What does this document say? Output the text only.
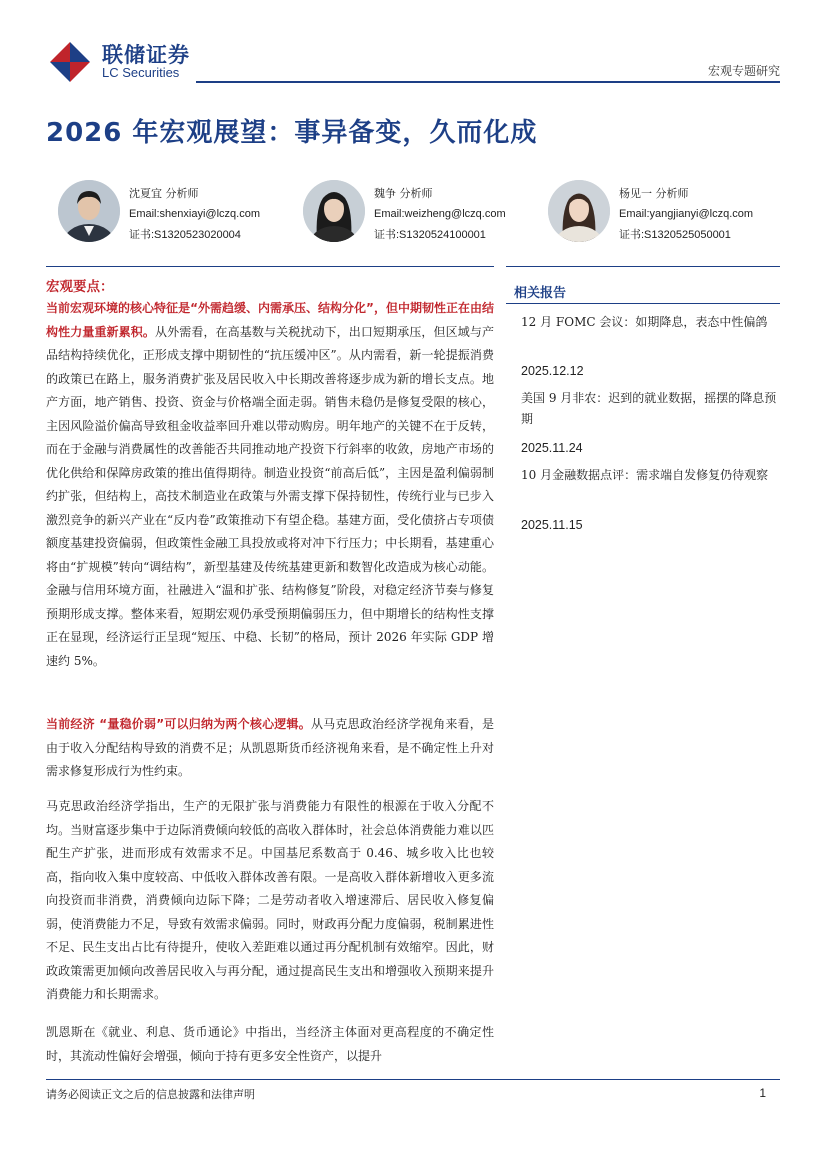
联储证券
LC Securities	宏观专题研究
2026 年宏观展望：事异备变，久而化成
沈夏宜 分析师
Email:shenxiayi@lczq.com
证书:S1320523020004
魏争 分析师
Email:weizheng@lczq.com
证书:S1320524100001
杨见一 分析师
Email:yangjianyi@lczq.com
证书:S1320525050001
宏观要点：

当前宏观环境的核心特征是“外需趋缓、内需承压、结构分化”，但中期韧性正在由结构性力量重新累积。从外需看，在高基数与关税扰动下，出口短期承压，但区域与产品结构持续优化，正形成支撑中期韧性的“抗压缓冲区”。从内需看，新一轮提振消费的政策已在路上，服务消费扩张及居民收入中长期改善将逐步成为新的增长支点。地产方面，地产销售、投资、资金与价格端全面走弱。销售未稳仍是修复受限的核心，主因风险溢价偏高导致租金收益率回升难以带动购房。明年地产的关键不在于反转，而在于金融与消费属性的改善能否共同推动地产投资下行斜率的收敛，房地产市场的优化供给和保障房政策的推出值得期待。制造业投资“前高后低”，主因是盈利偏弱制约扩张，但结构上，高技术制造业在政策与外需支撑下保持韧性，传统行业与已步入激烈竞争的新兴产业在“反内卷”政策推动下有望企稳。基建方面，受化债挤占专项债额度基建投资偏弱，但政策性金融工具投放或将对冲下行压力；中长期看，基建重心将由“扩规模”转向“调结构”，新型基建及传统基建更新和数智化改造成为核心动能。金融与信用环境方面，社融进入“温和扩张、结构修复”阶段，对稳定经济节奏与修复预期形成支撑。整体来看，短期宏观仍承受预期偏弱压力，但中期增长的结构性支撑正在显现，经济运行正呈现“短压、中稳、长韧”的格局，预计 2026 年实际 GDP 增速约 5%。

当前经济 “量稳价弱”可以归纳为两个核心逻辑。从马克思政治经济学视角来看，是由于收入分配结构导致的消费不足；从凯恩斯货币经济视角来看，是不确定性上升对需求修复形成行为性约束。

马克思政治经济学指出，生产的无限扩张与消费能力有限性的根源在于收入分配不均。当财富逐步集中于边际消费倾向较低的高收入群体时，社会总体消费能力难以匹配生产扩张，进而形成有效需求不足。中国基尼系数高于 0.46、城乡收入比也较高，指向收入集中度较高、中低收入群体改善有限。一是高收入群体新增收入更多流向投资而非消费，消费倾向边际下降；二是劳动者收入增速滞后、居民收入修复偏弱，使消费能力不足，导致有效需求偏弱。同时，财政再分配力度偏弱，税制累进性不足、民生支出占比有待提升，使收入差距难以通过再分配机制有效缩窄。因此，财政政策需更加倾向改善居民收入与再分配，通过提高民生支出和增强收入预期来提升消费能力和长期需求。

凯恩斯在《就业、利息、货币通论》中指出，当经济主体面对更高程度的不确定性时，其流动性偏好会增强，倾向于持有更多安全性资产，以提升

相关报告
12 月 FOMC 会议：如期降息，表态中性偏鸽
2025.12.12
美国 9 月非农：迟到的就业数据，摇摆的降息预期
2025.11.24
10 月金融数据点评：需求端自发修复仍待观察
2025.11.15
请务必阅读正文之后的信息披露和法律声明	1
